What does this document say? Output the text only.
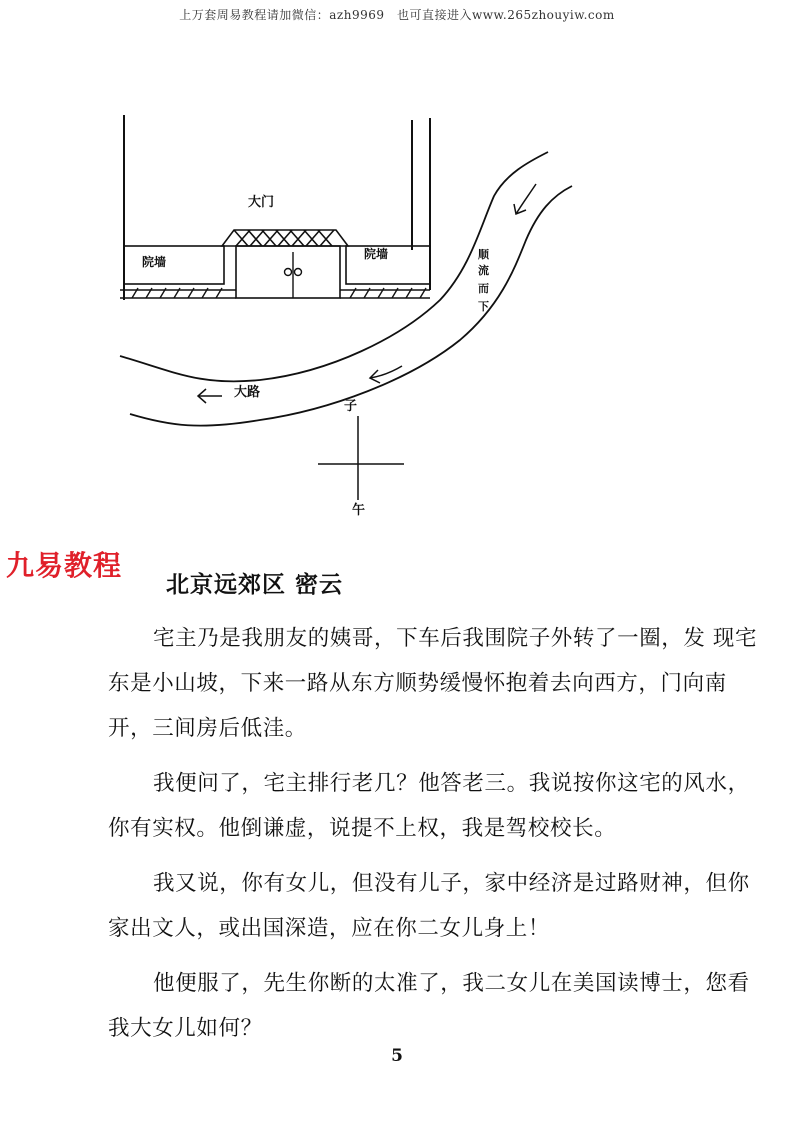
上万套周易教程请加微信：azh9969　也可直接进入www.265zhouyiw.com
大门
院墙
院墙	顺
流
而
下
大路
子
午
九易教程
北京远郊区 密云

宅主乃是我朋友的姨哥，下车后我围院子外转了一圈，发 现宅东是小山坡，下来一路从东方顺势缓慢怀抱着去向西方，门向南开，三间房后低洼。

我便问了，宅主排行老几？他答老三。我说按你这宅的风水，你有实权。他倒谦虚，说提不上权，我是驾校校长。

我又说，你有女儿，但没有儿子，家中经济是过路财神，但你家出文人，或出国深造，应在你二女儿身上！

他便服了，先生你断的太准了，我二女儿在美国读博士，您看我大女儿如何？

5
